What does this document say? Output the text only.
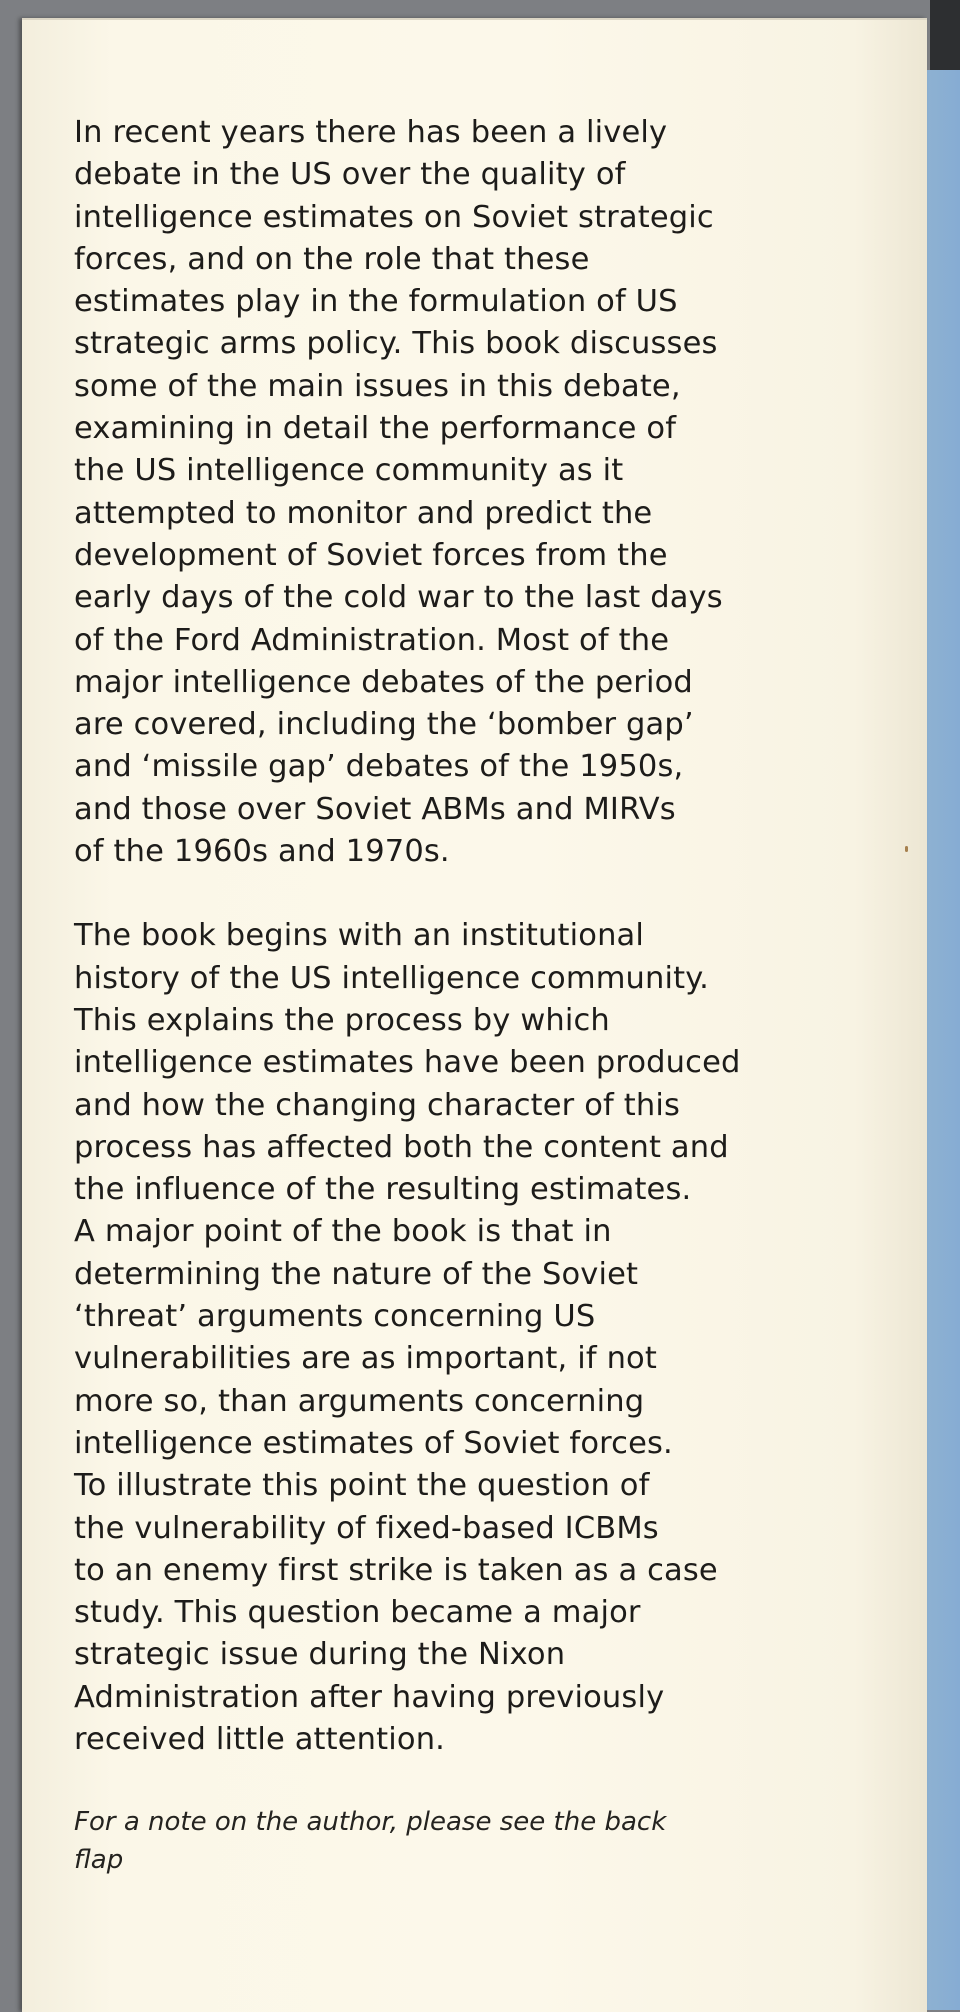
In recent years there has been a lively
debate in the US over the quality of
intelligence estimates on Soviet strategic
forces, and on the role that these
estimates play in the formulation of US
strategic arms policy. This book discusses
some of the main issues in this debate,
examining in detail the performance of
the US intelligence community as it
attempted to monitor and predict the
development of Soviet forces from the
early days of the cold war to the last days
of the Ford Administration. Most of the
major intelligence debates of the period
are covered, including the ‘bomber gap’
and ‘missile gap’ debates of the 1950s,
and those over Soviet ABMs and MIRVs
of the 1960s and 1970s.

The book begins with an institutional
history of the US intelligence community.
This explains the process by which
intelligence estimates have been produced
and how the changing character of this
process has affected both the content and
the influence of the resulting estimates.
A major point of the book is that in
determining the nature of the Soviet
‘threat’ arguments concerning US
vulnerabilities are as important, if not
more so, than arguments concerning
intelligence estimates of Soviet forces.
To illustrate this point the question of
the vulnerability of fixed-based ICBMs
to an enemy first strike is taken as a case
study. This question became a major
strategic issue during the Nixon
Administration after having previously
received little attention.

For a note on the author, please see the back
flap
